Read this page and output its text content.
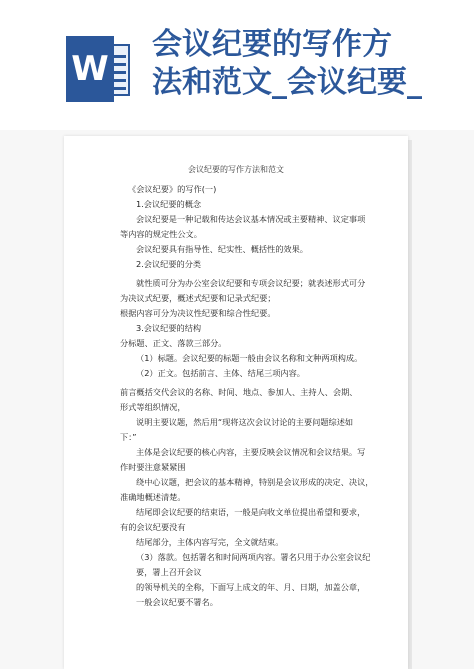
W
会议纪要的写作方
法和范文_会议纪要_

会议纪要的写作方法和范文

《会议纪要》的写作(一)
1.会议纪要的概念
会议纪要是一种记载和传达会议基本情况或主要精神、议定事项
等内容的规定性公文。
会议纪要具有指导性、纪实性、概括性的效果。
2.会议纪要的分类
就性质可分为办公室会议纪要和专项会议纪要；就表述形式可分
为决议式纪要，概述式纪要和记录式纪要；
根据内容可分为决议性纪要和综合性纪要。
3.会议纪要的结构
分标题、正文、落款三部分。
（1）标题。会议纪要的标题一般由会议名称和文种两项构成。
（2）正文。包括前言、主体、结尾三项内容。
前言概括交代会议的名称、时间、地点、参加人、主持人、会期、
形式等组织情况，
说明主要议题，然后用“现将这次会议讨论的主要问题综述如
下：”
主体是会议纪要的核心内容，主要反映会议情况和会议结果。写
作时要注意紧紧围
绕中心议题，把会议的基本精神，特别是会议形成的决定、决议，
准确地概述清楚。
结尾即会议纪要的结束语，一般是向收文单位提出希望和要求，
有的会议纪要没有
结尾部分，主体内容写完，全文就结束。
（3）落款。包括署名和时间两项内容。署名只用于办公室会议纪
要，署上召开会议
的领导机关的全称，下面写上成文的年、月、日期，加盖公章，
一般会议纪要不署名。
